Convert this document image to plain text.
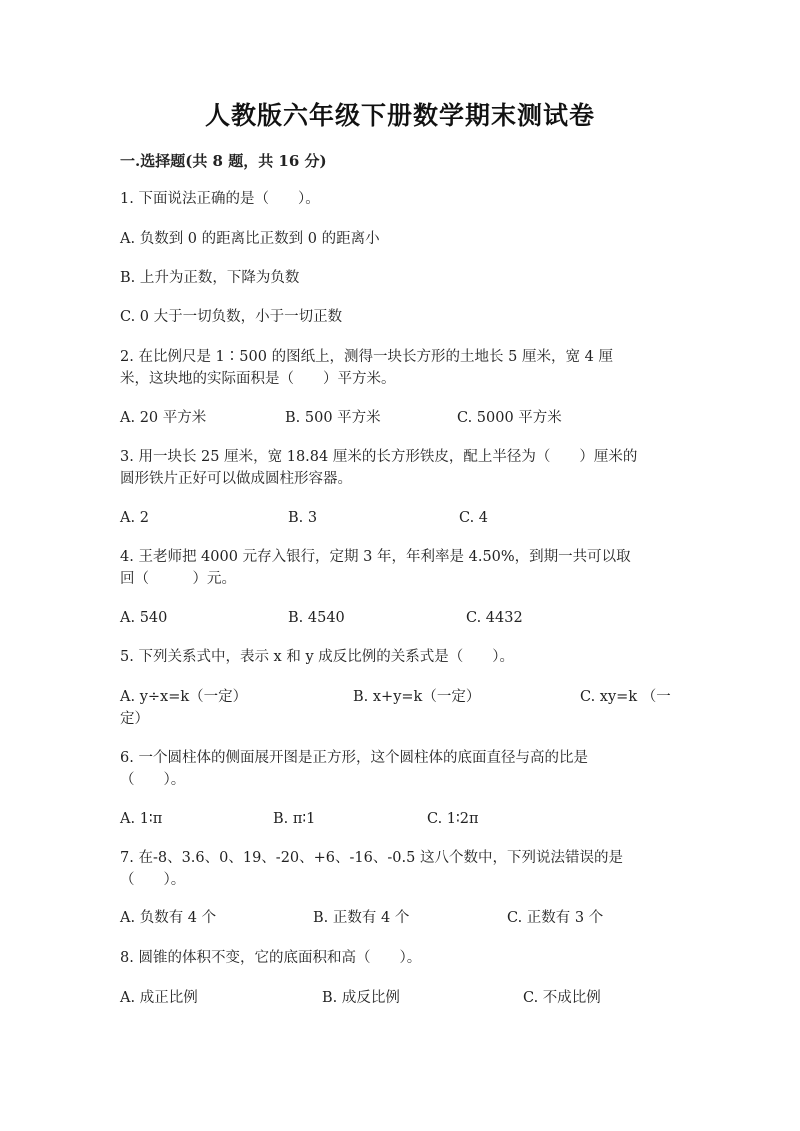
人教版六年级下册数学期末测试卷
一.选择题(共 8 题，共 16 分)
1. 下面说法正确的是（　　）。
A. 负数到 0 的距离比正数到 0 的距离小
B. 上升为正数，下降为负数
C. 0 大于一切负数，小于一切正数
2. 在比例尺是 1∶500 的图纸上，测得一块长方形的土地长 5 厘米，宽 4 厘
米，这块地的实际面积是（　　）平方米。
A. 20 平方米	B. 500 平方米	C. 5000 平方米
3. 用一块长 25 厘米，宽 18.84 厘米的长方形铁皮，配上半径为（　　）厘米的
圆形铁片正好可以做成圆柱形容器。
A. 2	B. 3	C. 4
4. 王老师把 4000 元存入银行，定期 3 年，年利率是 4.50%，到期一共可以取
回（　　　）元。
A. 540	B. 4540	C. 4432
5. 下列关系式中，表示 x 和 y 成反比例的关系式是（　　）。
A. y÷x=k（一定）	B. x+y=k（一定）	C. xy=k （一
定）
6. 一个圆柱体的侧面展开图是正方形，这个圆柱体的底面直径与高的比是
（　　）。
A. 1∶π	B. π∶1	C. 1∶2π
7. 在-8、3.6、0、19、-20、+6、-16、-0.5 这八个数中，下列说法错误的是
（　　）。
A. 负数有 4 个	B. 正数有 4 个	C. 正数有 3 个
8. 圆锥的体积不变，它的底面积和高（　　）。
A. 成正比例	B. 成反比例	C. 不成比例
